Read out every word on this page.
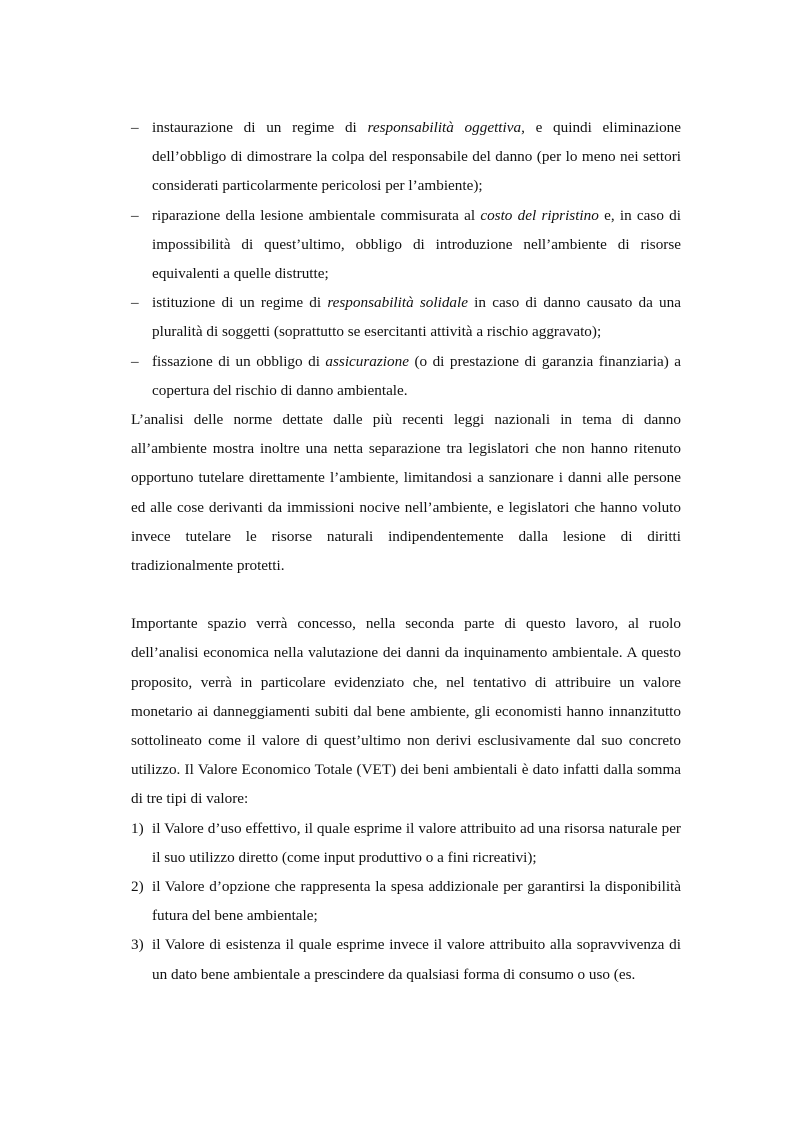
– instaurazione di un regime di responsabilità oggettiva, e quindi eliminazione dell’obbligo di dimostrare la colpa del responsabile del danno (per lo meno nei settori considerati particolarmente pericolosi per l’ambiente);

– riparazione della lesione ambientale commisurata al costo del ripristino e, in caso di impossibilità di quest’ultimo, obbligo di introduzione nell’ambiente di risorse equivalenti a quelle distrutte;

– istituzione di un regime di responsabilità solidale in caso di danno causato da una pluralità di soggetti (soprattutto se esercitanti attività a rischio aggravato);

– fissazione di un obbligo di assicurazione (o di prestazione di garanzia finanziaria) a copertura del rischio di danno ambientale.

L’analisi delle norme dettate dalle più recenti leggi nazionali in tema di danno all’ambiente mostra inoltre una netta separazione tra legislatori che non hanno ritenuto opportuno tutelare direttamente l’ambiente, limitandosi a sanzionare i danni alle persone ed alle cose derivanti da immissioni nocive nell’ambiente, e legislatori che hanno voluto invece tutelare le risorse naturali indipendentemente dalla lesione di diritti tradizionalmente protetti.

Importante spazio verrà concesso, nella seconda parte di questo lavoro, al ruolo dell’analisi economica nella valutazione dei danni da inquinamento ambientale. A questo proposito, verrà in particolare evidenziato che, nel tentativo di attribuire un valore monetario ai danneggiamenti subiti dal bene ambiente, gli economisti hanno innanzitutto sottolineato come il valore di quest’ultimo non derivi esclusivamente dal suo concreto utilizzo. Il Valore Economico Totale (VET) dei beni ambientali è dato infatti dalla somma di tre tipi di valore:

1) il Valore d’uso effettivo, il quale esprime il valore attribuito ad una risorsa naturale per il suo utilizzo diretto (come input produttivo o a fini ricreativi);

2) il Valore d’opzione che rappresenta la spesa addizionale per garantirsi la disponibilità futura del bene ambientale;

3) il Valore di esistenza il quale esprime invece il valore attribuito alla sopravvivenza di un dato bene ambientale a prescindere da qualsiasi forma di consumo o uso (es.
